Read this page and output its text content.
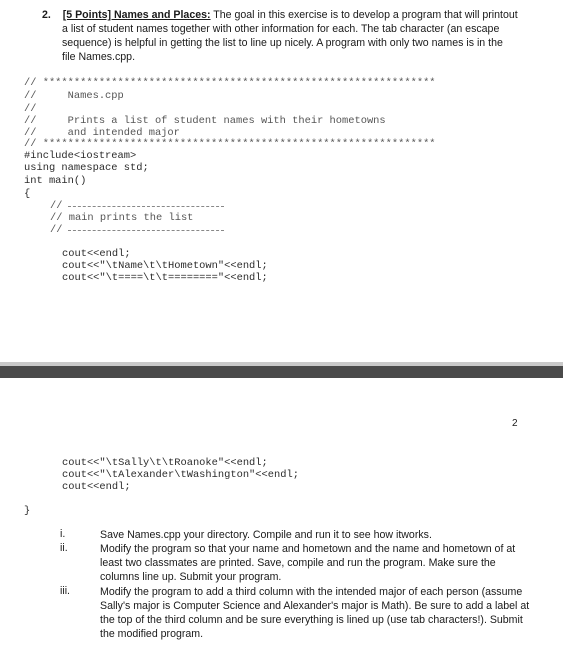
2. [5 Points] Names and Places: The goal in this exercise is to develop a program that will printout
a list of student names together with other information for each. The tab character (an escape
sequence) is helpful in getting the list to line up nicely. A program with only two names is in the
file Names.cpp.
// ***************************************************************
//     Names.cpp
//
//     Prints a list of student names with their hometowns
//     and intended major
// ***************************************************************
#include<iostream>
using namespace std;
int main()
{
//
// main prints the list
//
cout<<endl;
cout<<"\tName\t\tHometown"<<endl;
cout<<"\t====\t\t========"<<endl;
2
cout<<"\tSally\t\tRoanoke"<<endl;
cout<<"\tAlexander\tWashington"<<endl;
cout<<endl;
}
i.	Save Names.cpp your directory. Compile and run it to see how itworks.
ii.	Modify the program so that your name and hometown and the name and hometown of at least two classmates are printed. Save, compile and run the program. Make sure the columns line up. Submit your program.
iii.	Modify the program to add a third column with the intended major of each person (assume Sally's major is Computer Science and Alexander's major is Math). Be sure to add a label at the top of the third column and be sure everything is lined up (use tab characters!). Submit the modified program.
